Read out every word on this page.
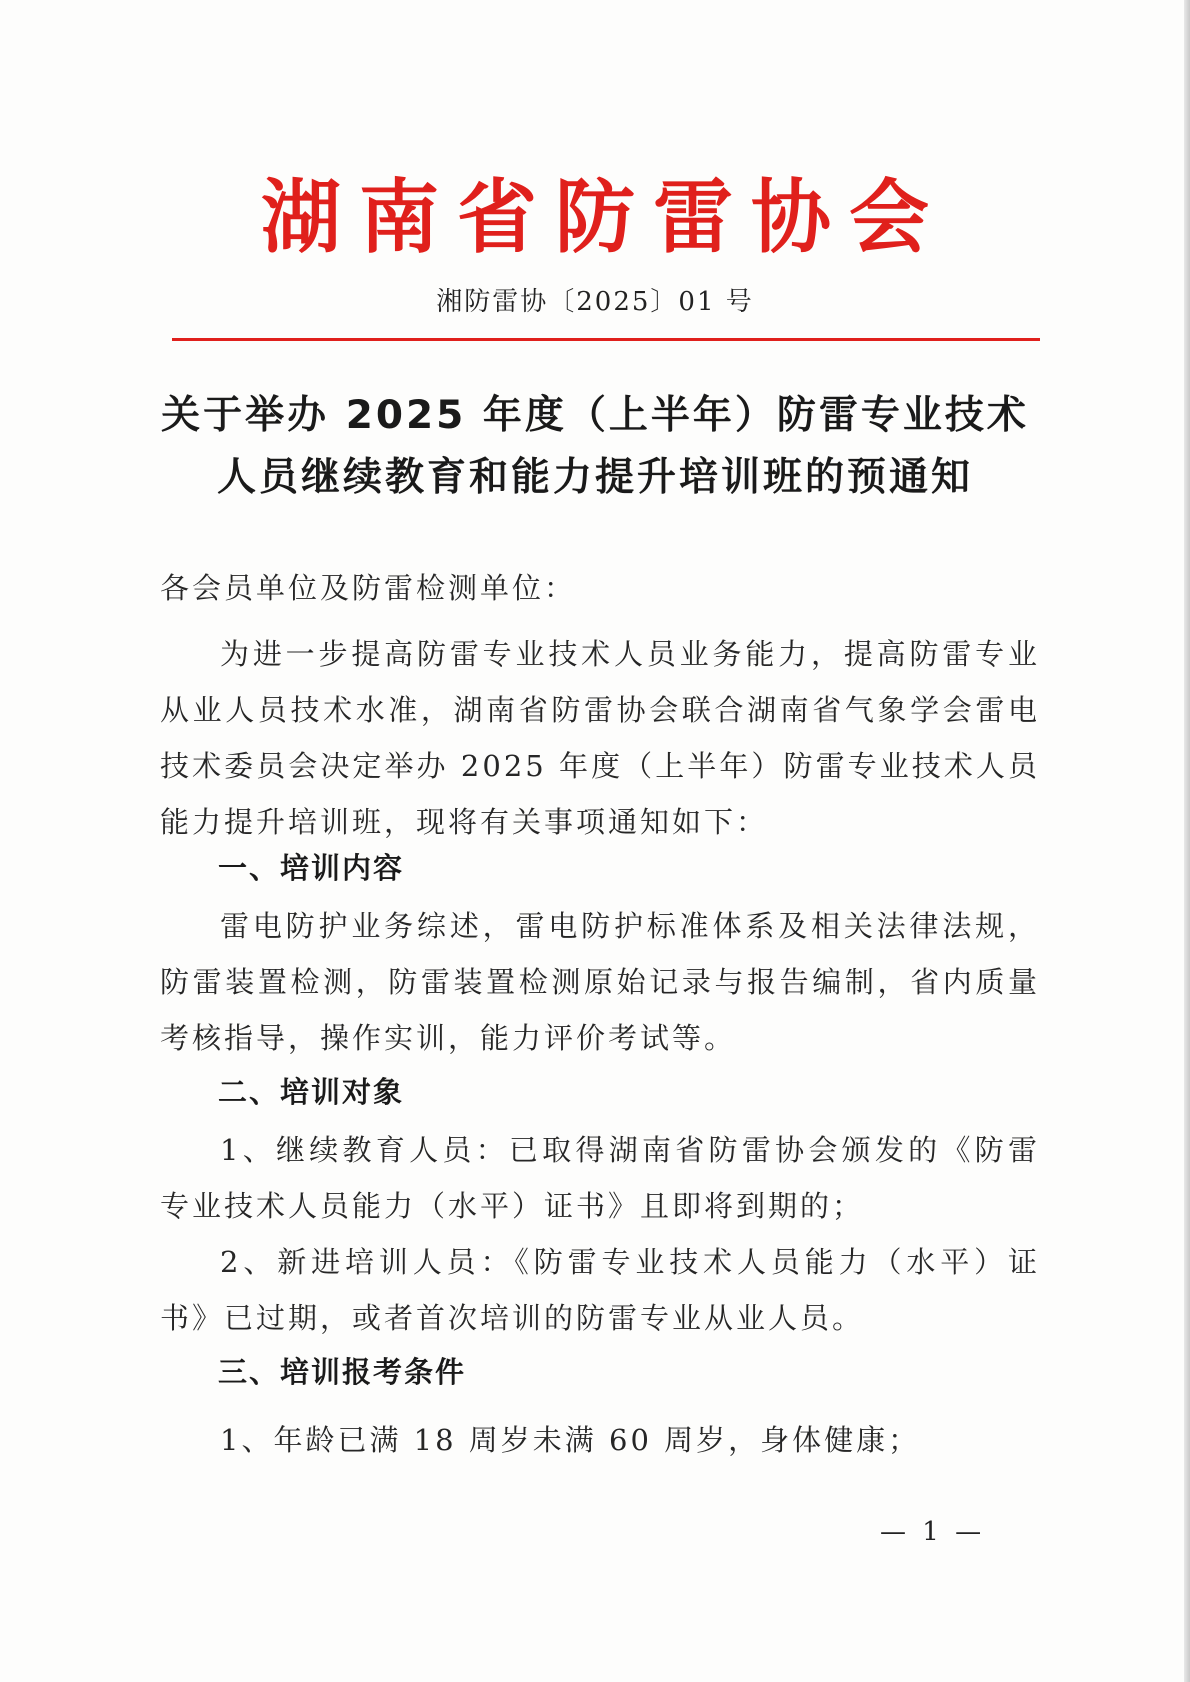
湖南省防雷协会
湘防雷协〔2025〕01 号
关于举办 2025 年度（上半年）防雷专业技术
人员继续教育和能力提升培训班的预通知
各会员单位及防雷检测单位：
为进一步提高防雷专业技术人员业务能力，提高防雷专业从业人员技术水准，湖南省防雷协会联合湖南省气象学会雷电技术委员会决定举办 2025 年度（上半年）防雷专业技术人员能力提升培训班，现将有关事项通知如下：
一、培训内容
雷电防护业务综述，雷电防护标准体系及相关法律法规，防雷装置检测，防雷装置检测原始记录与报告编制，省内质量考核指导，操作实训，能力评价考试等。
二、培训对象
1、继续教育人员：已取得湖南省防雷协会颁发的《防雷专业技术人员能力（水平）证书》且即将到期的；
2、新进培训人员：《防雷专业技术人员能力（水平）证书》已过期，或者首次培训的防雷专业从业人员。
三、培训报考条件
1、年龄已满 18 周岁未满 60 周岁，身体健康；
— 1 —
